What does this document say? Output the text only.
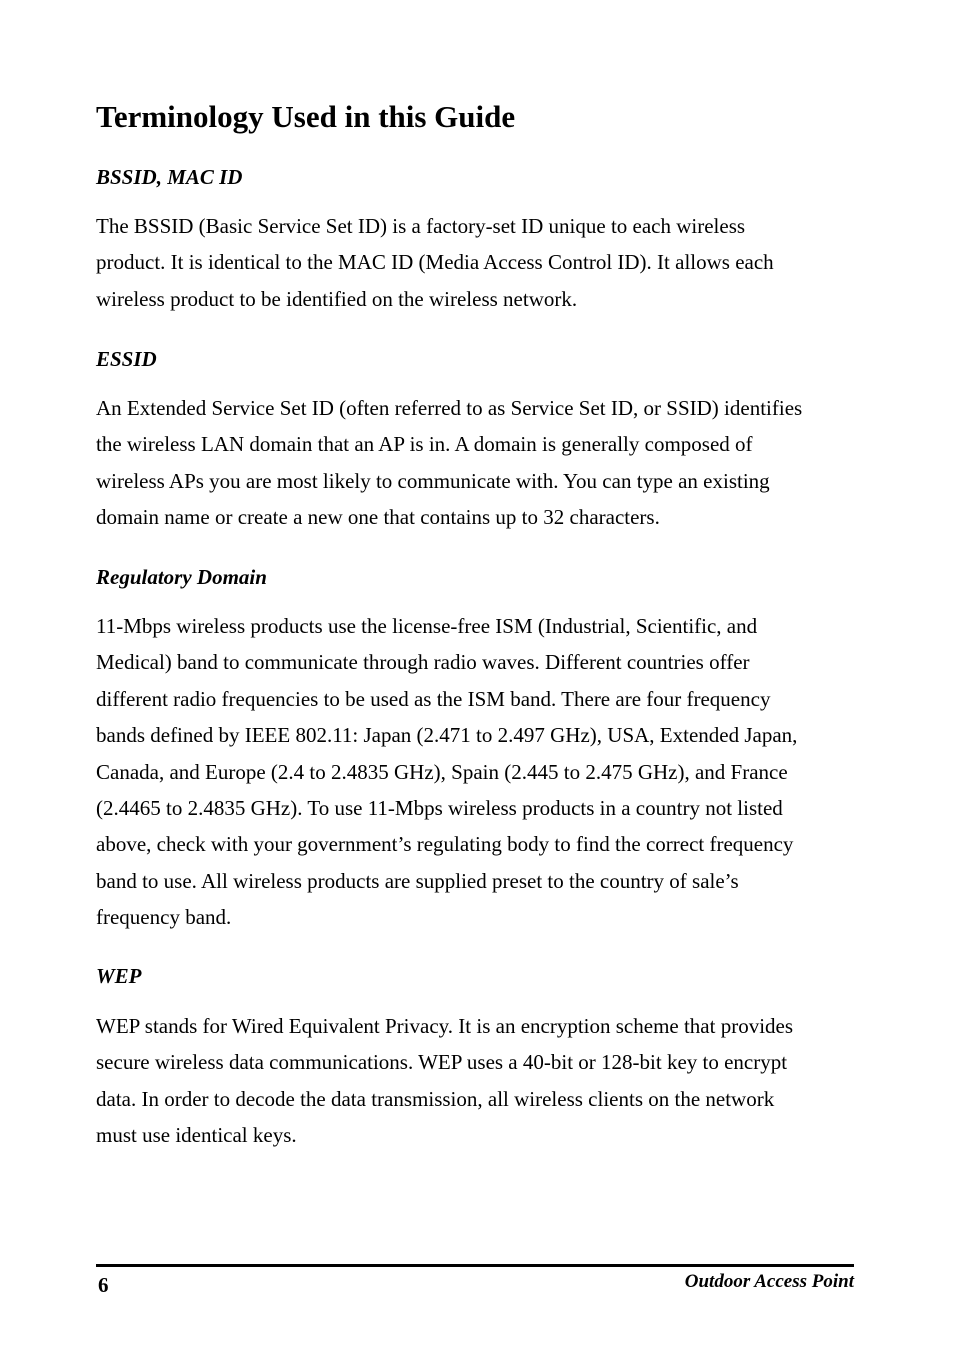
Terminology Used in this Guide
BSSID, MAC ID

The BSSID (Basic Service Set ID) is a factory-set ID unique to each wireless
product. It is identical to the MAC ID (Media Access Control ID). It allows each
wireless product to be identified on the wireless network.

ESSID

An Extended Service Set ID (often referred to as Service Set ID, or SSID) identifies
the wireless LAN domain that an AP is in. A domain is generally composed of
wireless APs you are most likely to communicate with. You can type an existing
domain name or create a new one that contains up to 32 characters.

Regulatory Domain

11-Mbps wireless products use the license-free ISM (Industrial, Scientific, and
Medical) band to communicate through radio waves. Different countries offer
different radio frequencies to be used as the ISM band. There are four frequency
bands defined by IEEE 802.11: Japan (2.471 to 2.497 GHz), USA, Extended Japan,
Canada, and Europe (2.4 to 2.4835 GHz), Spain (2.445 to 2.475 GHz), and France
(2.4465 to 2.4835 GHz). To use 11-Mbps wireless products in a country not listed
above, check with your government’s regulating body to find the correct frequency
band to use. All wireless products are supplied preset to the country of sale’s
frequency band.

WEP

WEP stands for Wired Equivalent Privacy. It is an encryption scheme that provides
secure wireless data communications. WEP uses a 40-bit or 128-bit key to encrypt
data. In order to decode the data transmission, all wireless clients on the network
must use identical keys.

6	Outdoor Access Point
